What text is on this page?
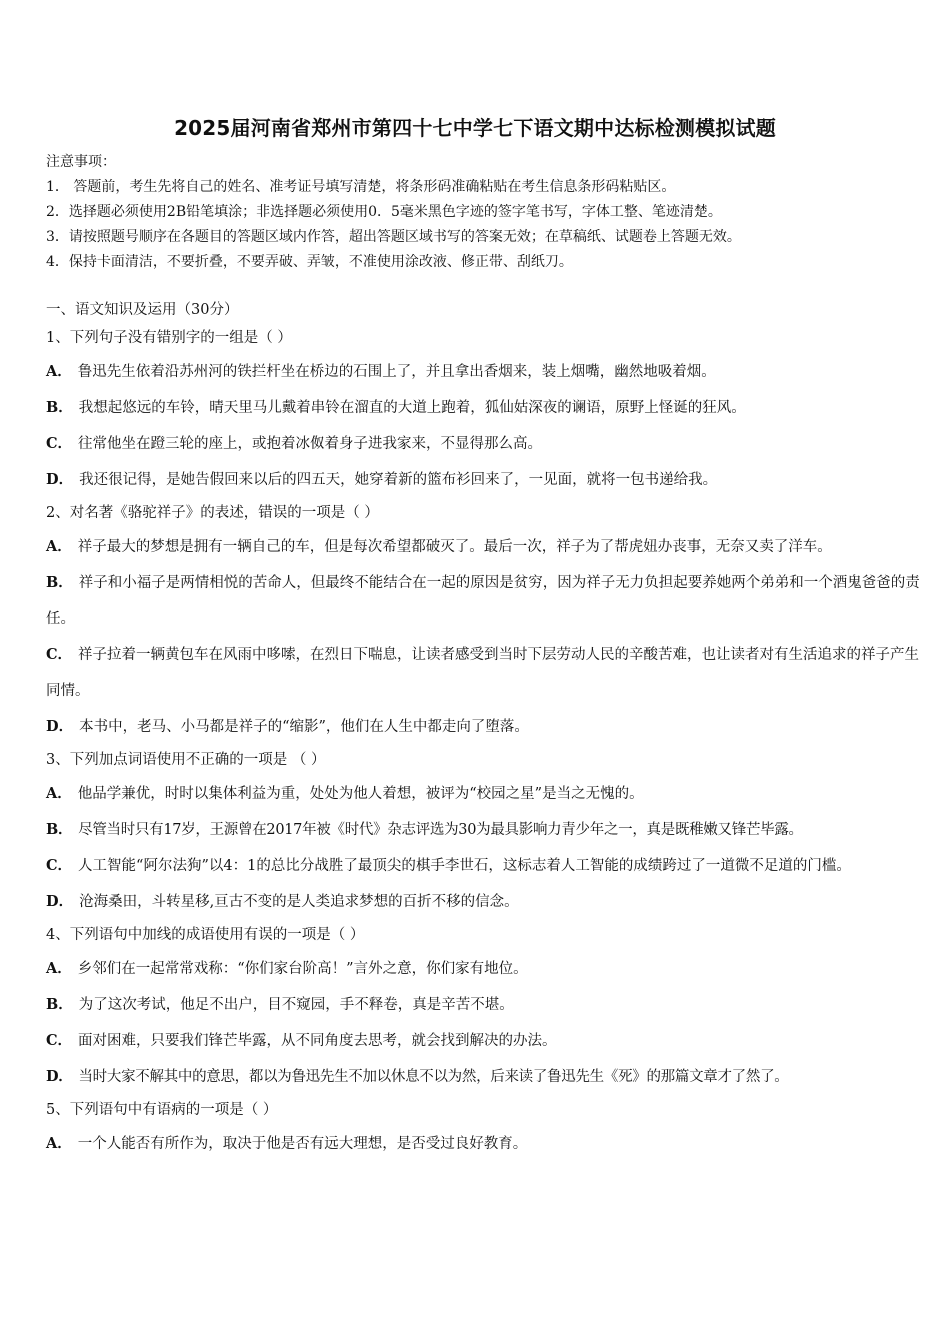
2025届河南省郑州市第四十七中学七下语文期中达标检测模拟试题
注意事项：
1． 答题前，考生先将自己的姓名、准考证号填写清楚，将条形码准确粘贴在考生信息条形码粘贴区。
2．选择题必须使用2B铅笔填涂；非选择题必须使用0．5毫米黑色字迹的签字笔书写，字体工整、笔迹清楚。
3．请按照题号顺序在各题目的答题区域内作答，超出答题区域书写的答案无效；在草稿纸、试题卷上答题无效。
4．保持卡面清洁，不要折叠，不要弄破、弄皱，不准使用涂改液、修正带、刮纸刀。
一、语文知识及运用（30分）
1、下列句子没有错别字的一组是（ ）
A． 鲁迅先生依着沿苏州河的铁拦杆坐在桥边的石围上了，并且拿出香烟来，装上烟嘴，幽然地吸着烟。
B． 我想起悠远的车铃，晴天里马儿戴着串铃在溜直的大道上跑着，狐仙姑深夜的谰语，原野上怪诞的狂风。
C． 往常他坐在蹬三轮的座上，或抱着冰伮着身子进我家来，不显得那么高。
D． 我还很记得，是她告假回来以后的四五天，她穿着新的篮布衫回来了，一见面，就将一包书递给我。
2、对名著《骆驼祥子》的表述，错误的一项是（ ）
A． 祥子最大的梦想是拥有一辆自己的车，但是每次希望都破灭了。最后一次，祥子为了帮虎妞办丧事，无奈又卖了洋车。
B． 祥子和小福子是两情相悦的苦命人，但最终不能结合在一起的原因是贫穷，因为祥子无力负担起要养她两个弟弟和一个酒鬼爸爸的责任。
C． 祥子拉着一辆黄包车在风雨中哆嗦，在烈日下喘息，让读者感受到当时下层劳动人民的辛酸苦难，也让读者对有生活追求的祥子产生同情。
D． 本书中，老马、小马都是祥子的“缩影”，他们在人生中都走向了堕落。
3、下列加点词语使用不正确的一项是 （ ）
A． 他品学兼优，时时以集体利益为重，处处为他人着想，被评为“校园之星”是当之无愧的。
B． 尽管当时只有17岁，王源曾在2017年被《时代》杂志评选为30为最具影响力青少年之一，真是既稚嫩又锋芒毕露。
C． 人工智能“阿尔法狗”以4：1的总比分战胜了最顶尖的棋手李世石，这标志着人工智能的成绩跨过了一道微不足道的门槛。
D． 沧海桑田，斗转星移,亘古不变的是人类追求梦想的百折不移的信念。
4、下列语句中加线的成语使用有误的一项是（ ）
A． 乡邻们在一起常常戏称：“你们家台阶高！”言外之意，你们家有地位。
B． 为了这次考试，他足不出户，目不窥园，手不释卷，真是辛苦不堪。
C． 面对困难，只要我们锋芒毕露，从不同角度去思考，就会找到解决的办法。
D． 当时大家不解其中的意思，都以为鲁迅先生不加以休息不以为然，后来读了鲁迅先生《死》的那篇文章才了然了。
5、下列语句中有语病的一项是（ ）
A． 一个人能否有所作为，取决于他是否有远大理想，是否受过良好教育。
